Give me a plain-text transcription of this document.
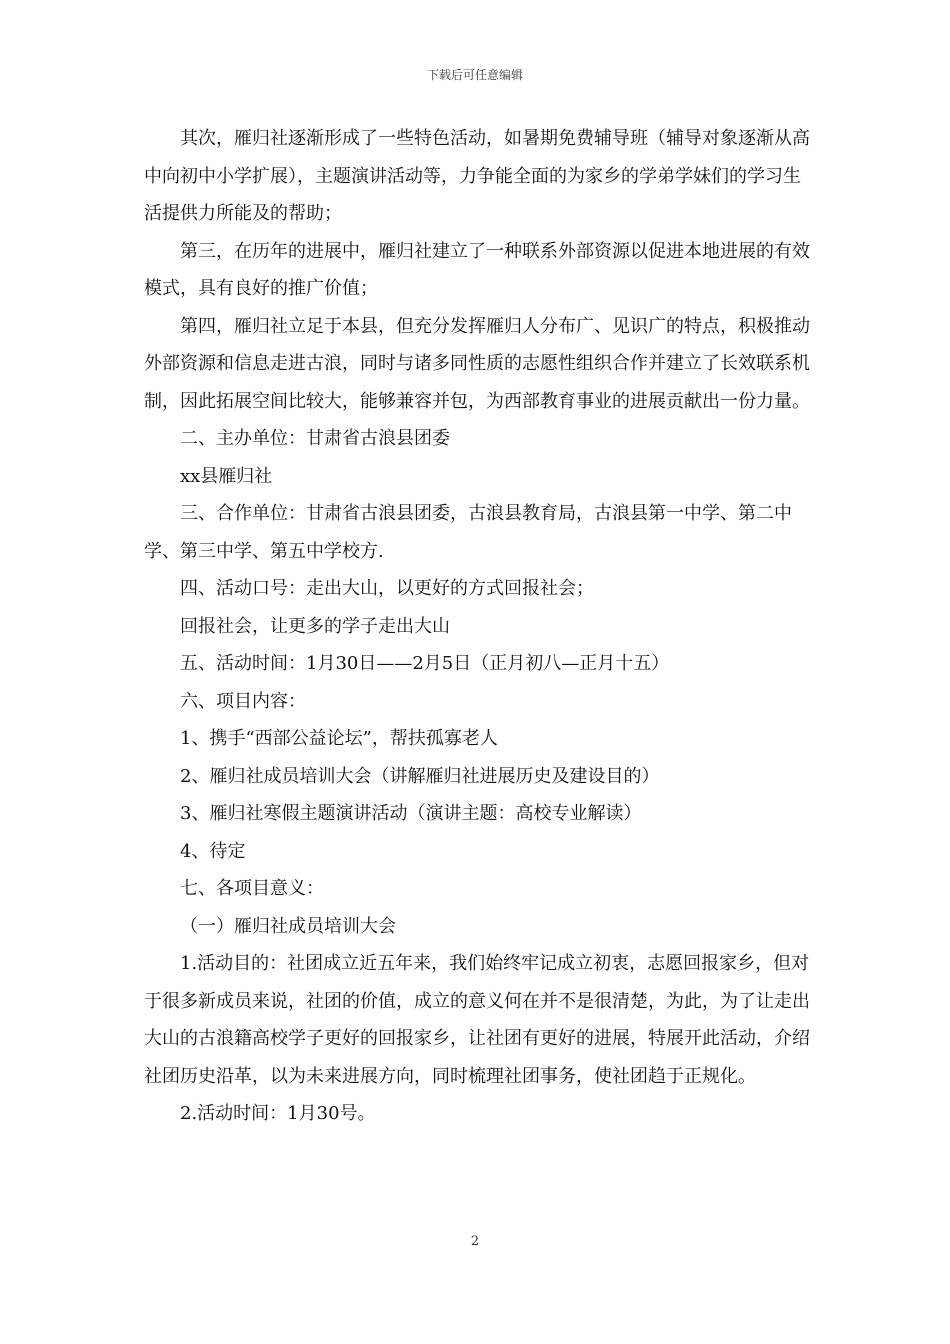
下载后可任意编辑

其次，雁归社逐渐形成了一些特色活动，如暑期免费辅导班（辅导对象逐渐从高中向初中小学扩展），主题演讲活动等，力争能全面的为家乡的学弟学妹们的学习生活提供力所能及的帮助；

第三，在历年的进展中，雁归社建立了一种联系外部资源以促进本地进展的有效模式，具有良好的推广价值；

第四，雁归社立足于本县，但充分发挥雁归人分布广、见识广的特点，积极推动外部资源和信息走进古浪，同时与诸多同性质的志愿性组织合作并建立了长效联系机制，因此拓展空间比较大，能够兼容并包，为西部教育事业的进展贡献出一份力量。

二、主办单位：甘肃省古浪县团委

xx县雁归社

三、合作单位：甘肃省古浪县团委，古浪县教育局，古浪县第一中学、第二中学、第三中学、第五中学校方.

四、活动口号：走出大山，以更好的方式回报社会；

回报社会，让更多的学子走出大山

五、活动时间：1月30日——2月5日（正月初八—正月十五）

六、项目内容：

1、携手“西部公益论坛”，帮扶孤寡老人

2、雁归社成员培训大会（讲解雁归社进展历史及建设目的）

3、雁归社寒假主题演讲活动（演讲主题：高校专业解读）

4、待定

七、各项目意义：

（一）雁归社成员培训大会

1.活动目的：社团成立近五年来，我们始终牢记成立初衷，志愿回报家乡，但对于很多新成员来说，社团的价值，成立的意义何在并不是很清楚，为此，为了让走出大山的古浪籍高校学子更好的回报家乡，让社团有更好的进展，特展开此活动，介绍社团历史沿革，以为未来进展方向，同时梳理社团事务，使社团趋于正规化。

2.活动时间：1月30号。

2
